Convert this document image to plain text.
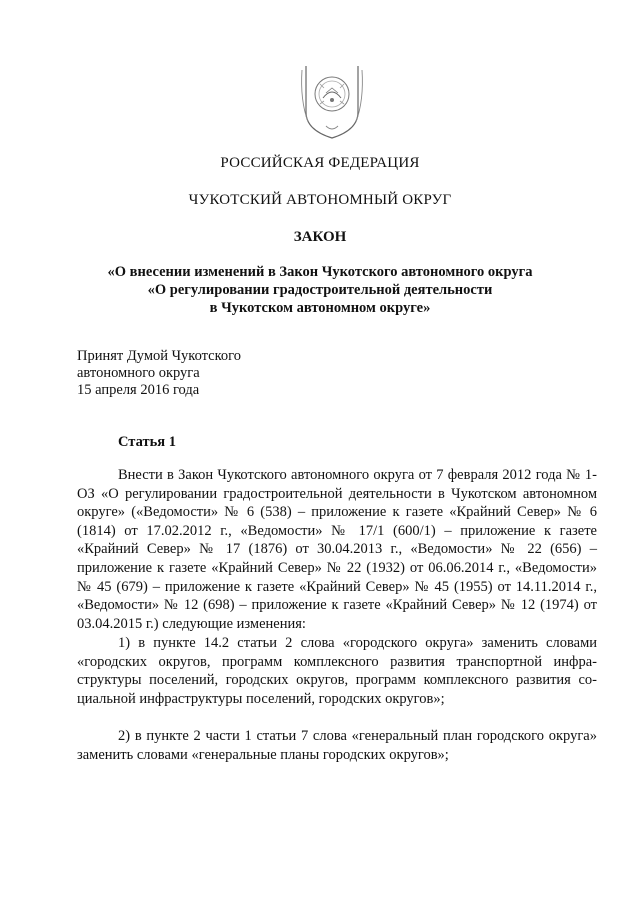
РОССИЙСКАЯ ФЕДЕРАЦИЯ
ЧУКОТСКИЙ АВТОНОМНЫЙ ОКРУГ
ЗАКОН
«О внесении изменений в Закон Чукотского автономного округа
«О регулировании градостроительной деятельности
в Чукотском автономном округе»
Принят Думой Чукотского
автономного округа
15 апреля 2016 года
Статья 1
Внести в Закон Чукотского автономного округа от 7 февраля 2012 года № 1-ОЗ «О регулировании градостроительной деятельности в Чукотском автономном округе» («Ведомости» № 6 (538) – приложение к газете «Крайний Север» № 6 (1814) от 17.02.2012 г., «Ведомости» № 17/1 (600/1) – приложение к газете «Крайний Север» № 17 (1876) от 30.04.2013 г., «Ведомости» № 22 (656) – приложение к газете «Крайний Север» № 22 (1932) от 06.06.2014 г., «Ведомости» № 45 (679) – приложение к газете «Крайний Север» № 45 (1955) от 14.11.2014 г., «Ведомости» № 12 (698) – приложение к газете «Крайний Север» № 12 (1974) от 03.04.2015 г.) следующие изменения:
1) в пункте 14.2 статьи 2 слова «городского округа» заменить словами «городских округов, программ комплексного развития транспортной инфраструктуры поселений, городских округов, программ комплексного развития социальной инфраструктуры поселений, городских округов»;
2) в пункте 2 части 1 статьи 7 слова «генеральный план городского округа» заменить словами «генеральные планы городских округов»;
